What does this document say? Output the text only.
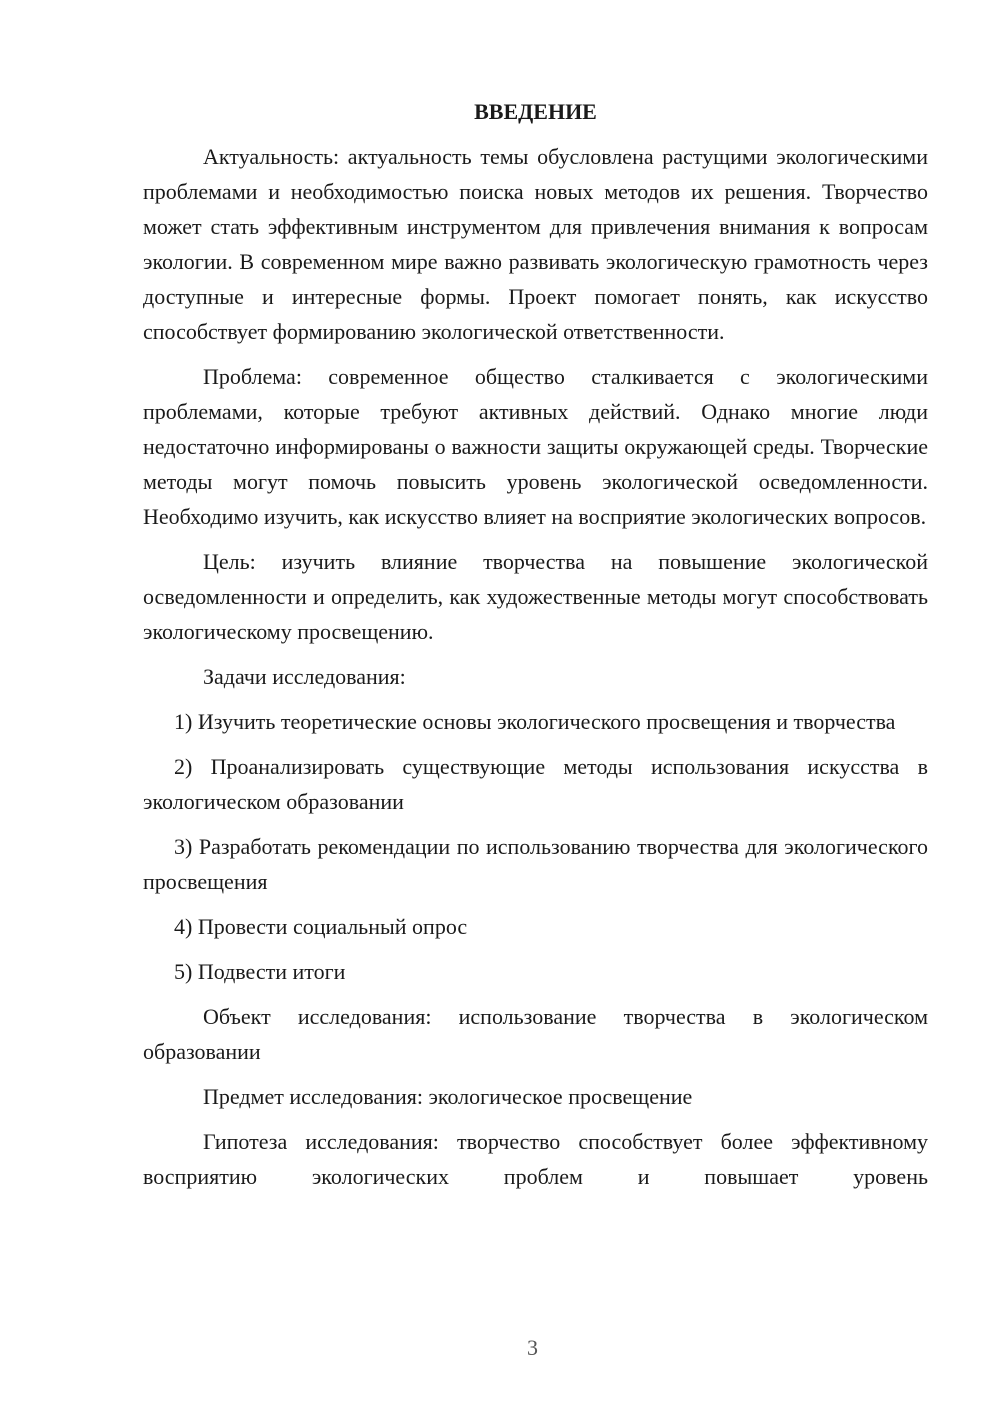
ВВЕДЕНИЕ

Актуальность: актуальность темы обусловлена растущими экологическими проблемами и необходимостью поиска новых методов их решения. Творчество может стать эффективным инструментом для привлечения внимания к вопросам экологии. В современном мире важно развивать экологическую грамотность через доступные и интересные формы. Проект помогает понять, как искусство способствует формированию экологической ответственности.

Проблема: современное общество сталкивается с экологическими проблемами, которые требуют активных действий. Однако многие люди недостаточно информированы о важности защиты окружающей среды. Творческие методы могут помочь повысить уровень экологической осведомленности. Необходимо изучить, как искусство влияет на восприятие экологических вопросов.

Цель: изучить влияние творчества на повышение экологической осведомленности и определить, как художественные методы могут способствовать экологическому просвещению.

Задачи исследования:

1) Изучить теоретические основы экологического просвещения и творчества

2) Проанализировать существующие методы использования искусства в экологическом образовании

3) Разработать рекомендации по использованию творчества для экологического просвещения

4) Провести социальный опрос

5) Подвести итоги

Объект исследования: использование творчества в экологическом образовании

Предмет исследования: экологическое просвещение

Гипотеза исследования: творчество способствует более эффективному восприятию экологических проблем и повышает уровень

3
